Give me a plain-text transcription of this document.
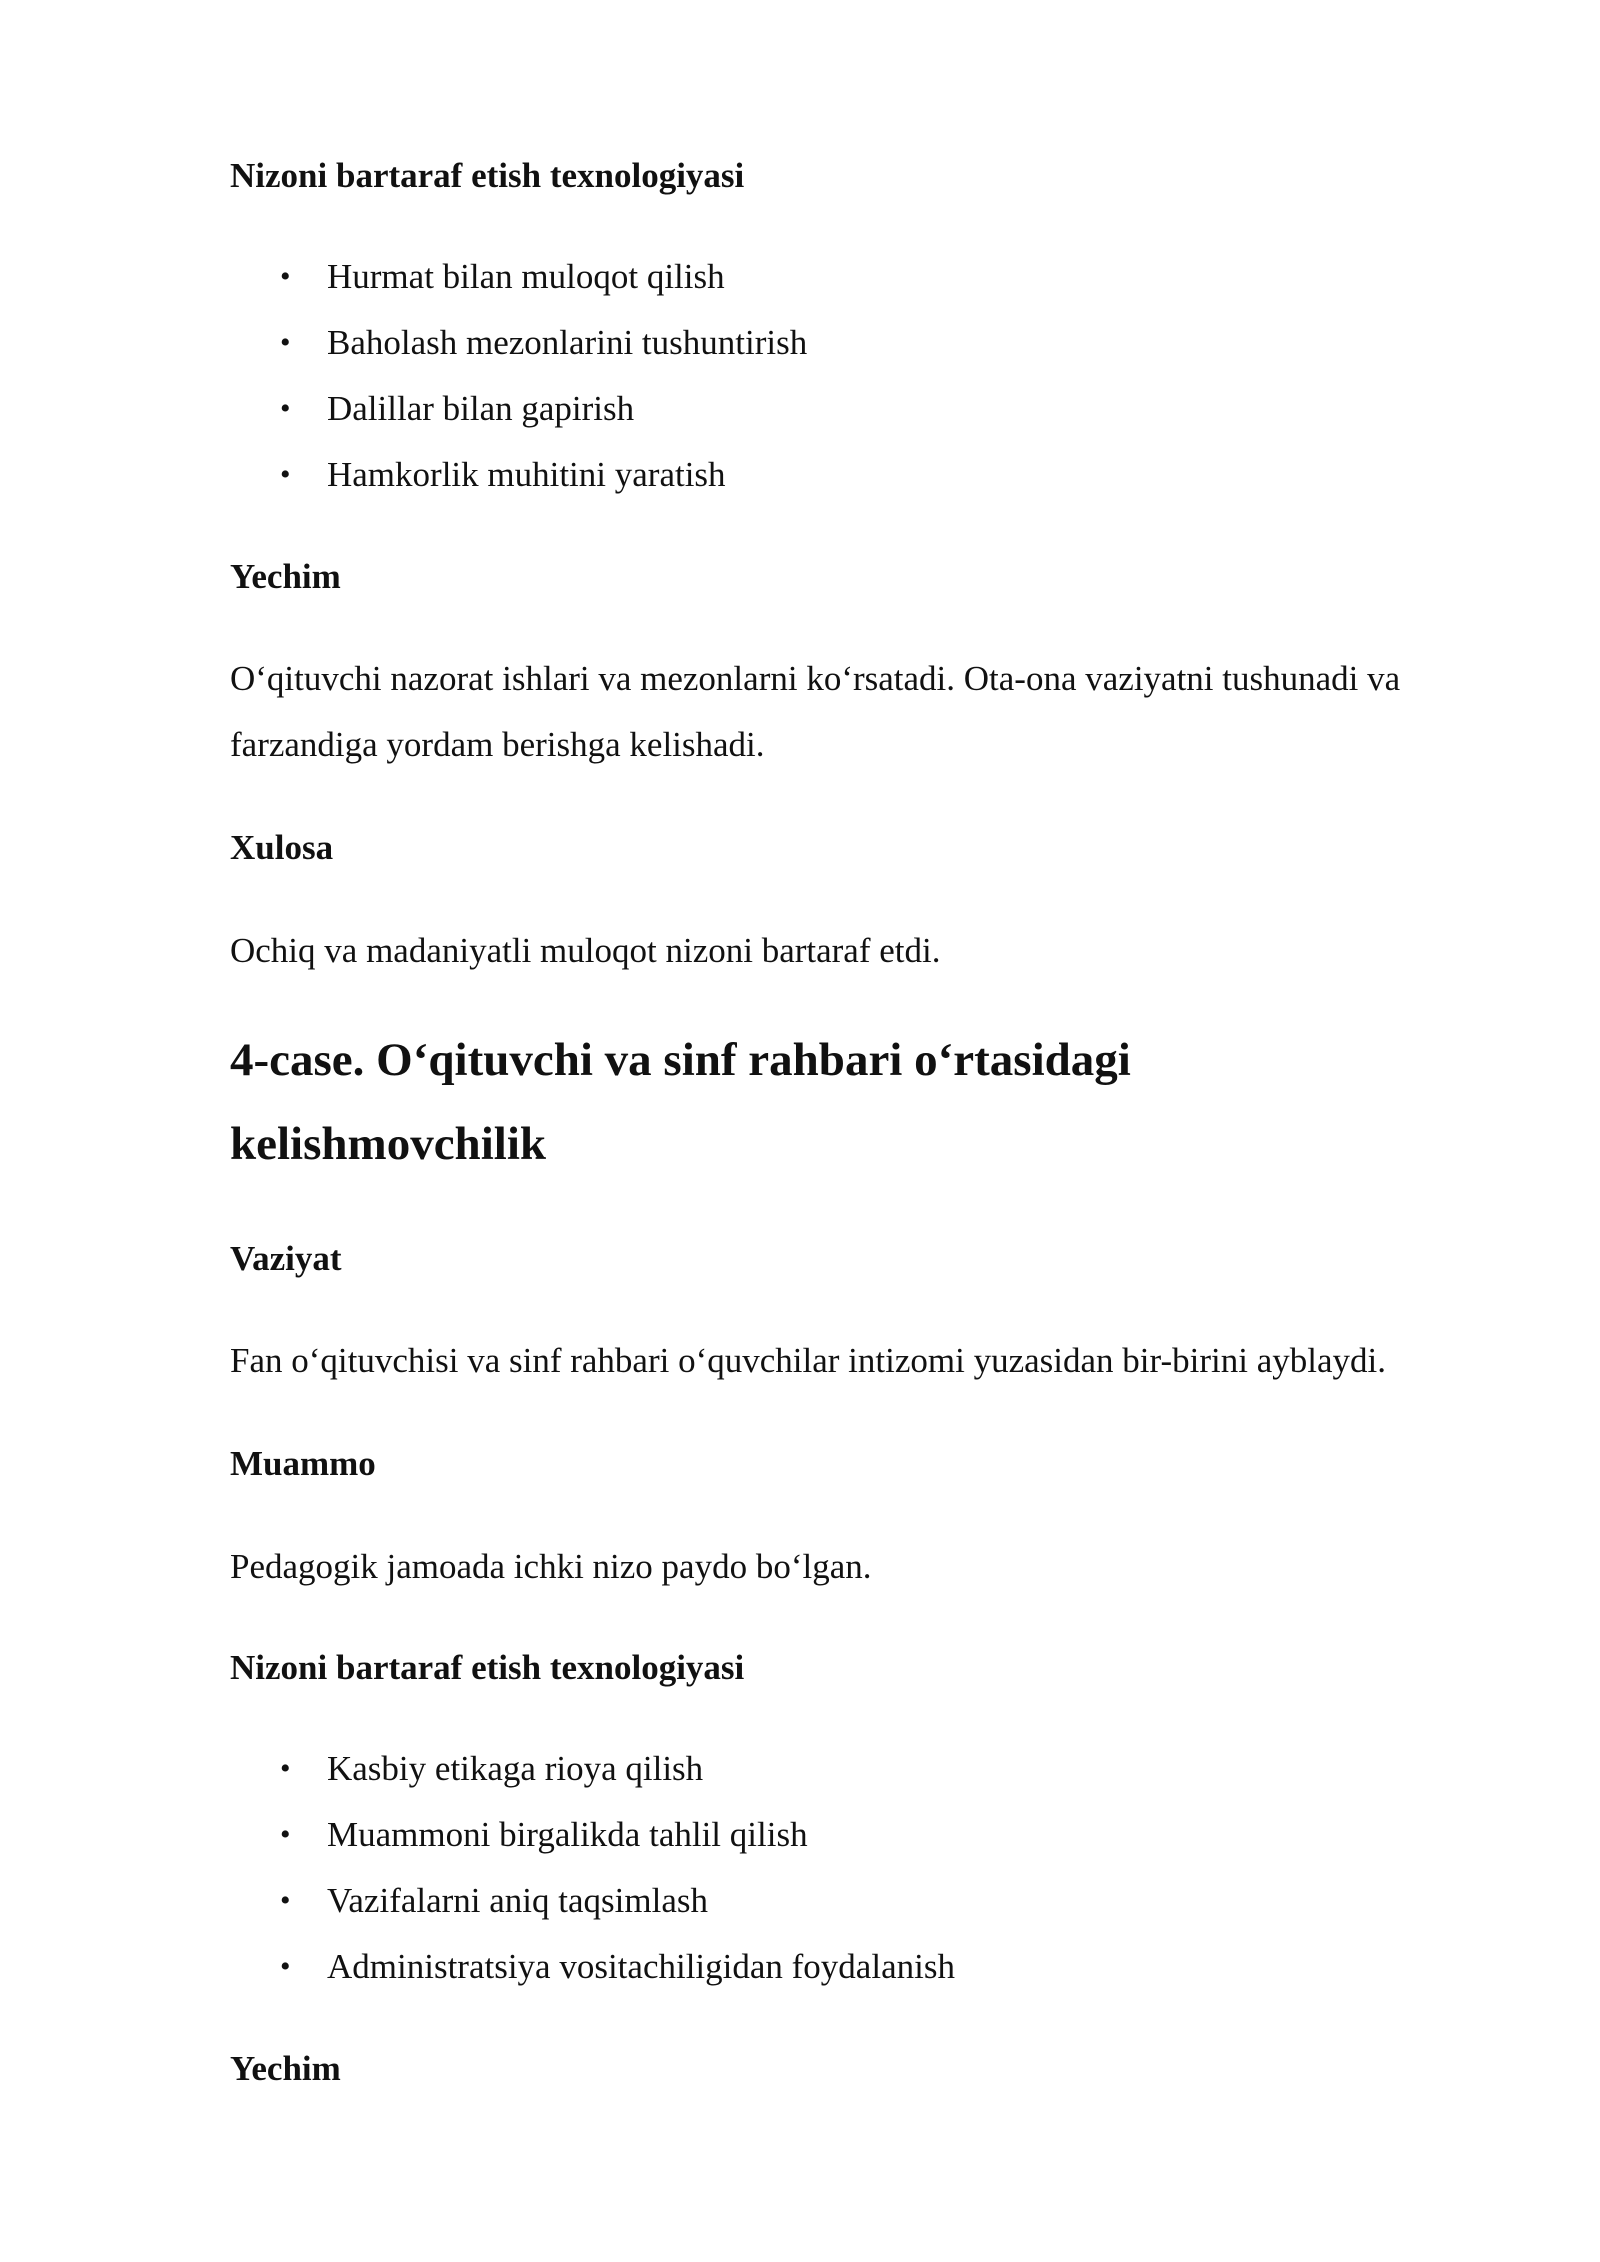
Nizoni bartaraf etish texnologiyasi
• Hurmat bilan muloqot qilish
• Baholash mezonlarini tushuntirish
• Dalillar bilan gapirish
• Hamkorlik muhitini yaratish
Yechim

O‘qituvchi nazorat ishlari va mezonlarni ko‘rsatadi. Ota-ona vaziyatni tushunadi va farzandiga yordam berishga kelishadi.

Xulosa

Ochiq va madaniyatli muloqot nizoni bartaraf etdi.

4-case. O‘qituvchi va sinf rahbari o‘rtasidagi kelishmovchilik
Vaziyat

Fan o‘qituvchisi va sinf rahbari o‘quvchilar intizomi yuzasidan bir-birini ayblaydi.

Muammo

Pedagogik jamoada ichki nizo paydo bo‘lgan.

Nizoni bartaraf etish texnologiyasi
• Kasbiy etikaga rioya qilish
• Muammoni birgalikda tahlil qilish
• Vazifalarni aniq taqsimlash
• Administratsiya vositachiligidan foydalanish
Yechim
